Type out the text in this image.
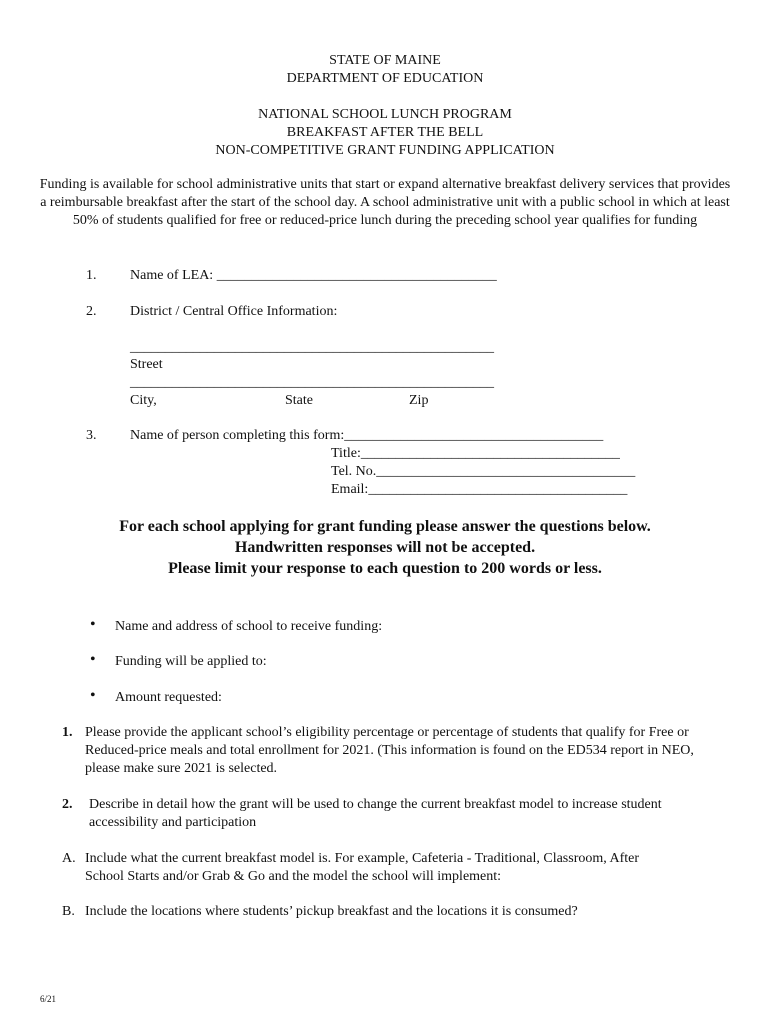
STATE OF MAINE
DEPARTMENT OF EDUCATION
NATIONAL SCHOOL LUNCH PROGRAM
BREAKFAST AFTER THE BELL
NON-COMPETITIVE GRANT FUNDING APPLICATION
Funding is available for school administrative units that start or expand alternative breakfast delivery services that provides a reimbursable breakfast after the start of the school day. A school administrative unit with a public school in which at least 50% of students qualified for free or reduced-price lunch during the preceding school year qualifies for funding
1. Name of LEA: ________________________________________
2. District / Central Office Information:
____________________________________________________
Street
____________________________________________________
City,	State	Zip
3. Name of person completing this form:_____________________________________
Title:_____________________________________
Tel. No._____________________________________
Email:_____________________________________
For each school applying for grant funding please answer the questions below.
Handwritten responses will not be accepted.
Please limit your response to each question to 200 words or less.
• Name and address of school to receive funding:
• Funding will be applied to:
• Amount requested:
1. Please provide the applicant school’s eligibility percentage or percentage of students that qualify for Free or Reduced-price meals and total enrollment for 2021. (This information is found on the ED534 report in NEO, please make sure 2021 is selected.
2. Describe in detail how the grant will be used to change the current breakfast model to increase student accessibility and participation
A. Include what the current breakfast model is. For example, Cafeteria - Traditional, Classroom, After School Starts and/or Grab & Go and the model the school will implement:
B. Include the locations where students’ pickup breakfast and the locations it is consumed?
6/21
